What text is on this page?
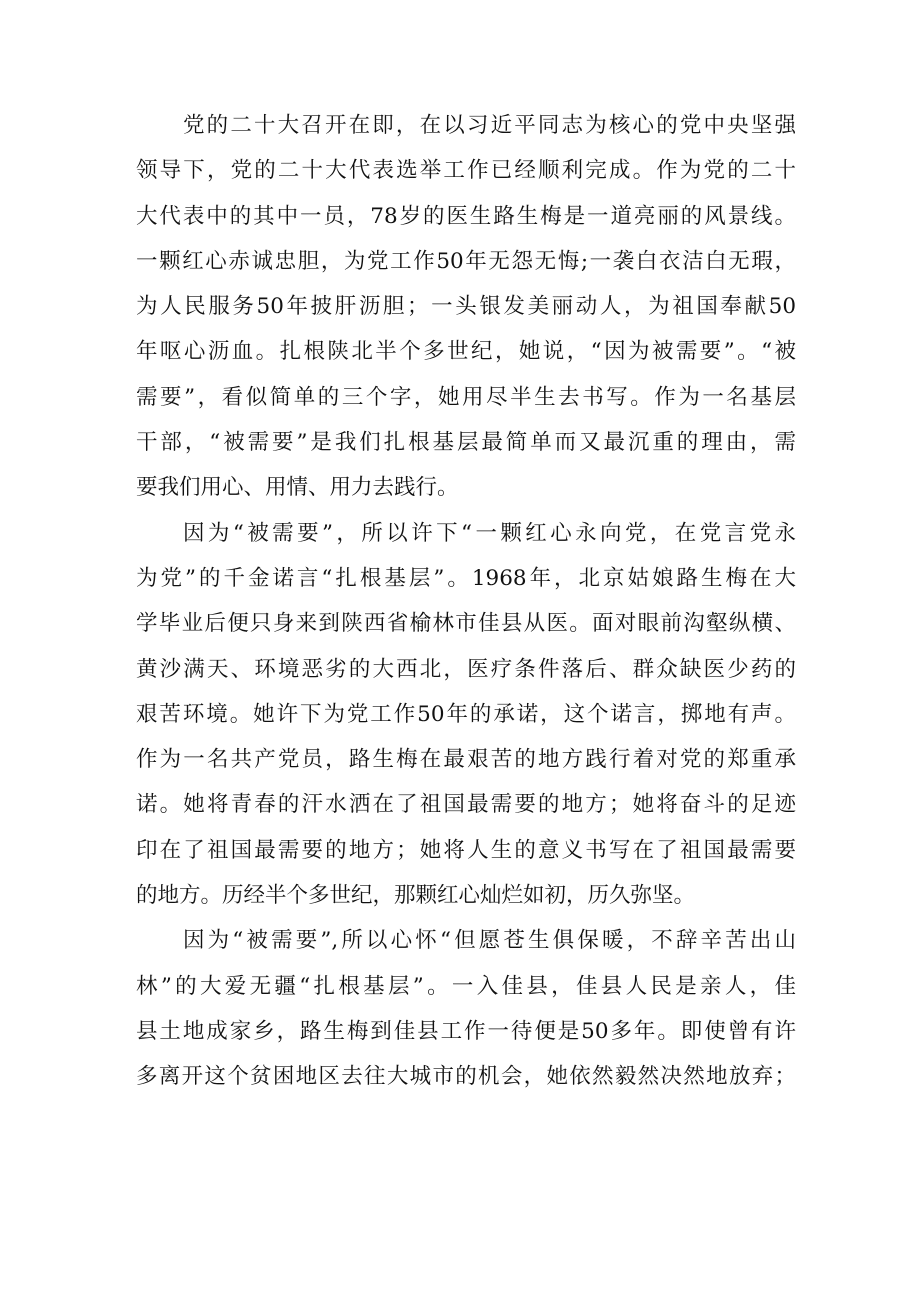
党的二十大召开在即，在以习近平同志为核心的党中央坚强
领导下，党的二十大代表选举工作已经顺利完成。作为党的二十
大代表中的其中一员，78岁的医生路生梅是一道亮丽的风景线。
一颗红心赤诚忠胆，为党工作50年无怨无悔;一袭白衣洁白无瑕，
为人民服务50年披肝沥胆；一头银发美丽动人，为祖国奉献50
年呕心沥血。扎根陕北半个多世纪，她说，“因为被需要”。“被
需要”，看似简单的三个字，她用尽半生去书写。作为一名基层
干部，“被需要”是我们扎根基层最简单而又最沉重的理由，需
要我们用心、用情、用力去践行。
因为“被需要”，所以许下“一颗红心永向党，在党言党永
为党”的千金诺言“扎根基层”。1968年，北京姑娘路生梅在大
学毕业后便只身来到陕西省榆林市佳县从医。面对眼前沟壑纵横、
黄沙满天、环境恶劣的大西北，医疗条件落后、群众缺医少药的
艰苦环境。她许下为党工作50年的承诺，这个诺言，掷地有声。
作为一名共产党员，路生梅在最艰苦的地方践行着对党的郑重承
诺。她将青春的汗水洒在了祖国最需要的地方；她将奋斗的足迹
印在了祖国最需要的地方；她将人生的意义书写在了祖国最需要
的地方。历经半个多世纪，那颗红心灿烂如初，历久弥坚。
因为“被需要”,所以心怀“但愿苍生俱保暖，不辞辛苦出山
林”的大爱无疆“扎根基层”。一入佳县，佳县人民是亲人，佳
县土地成家乡，路生梅到佳县工作一待便是50多年。即使曾有许
多离开这个贫困地区去往大城市的机会，她依然毅然决然地放弃；
